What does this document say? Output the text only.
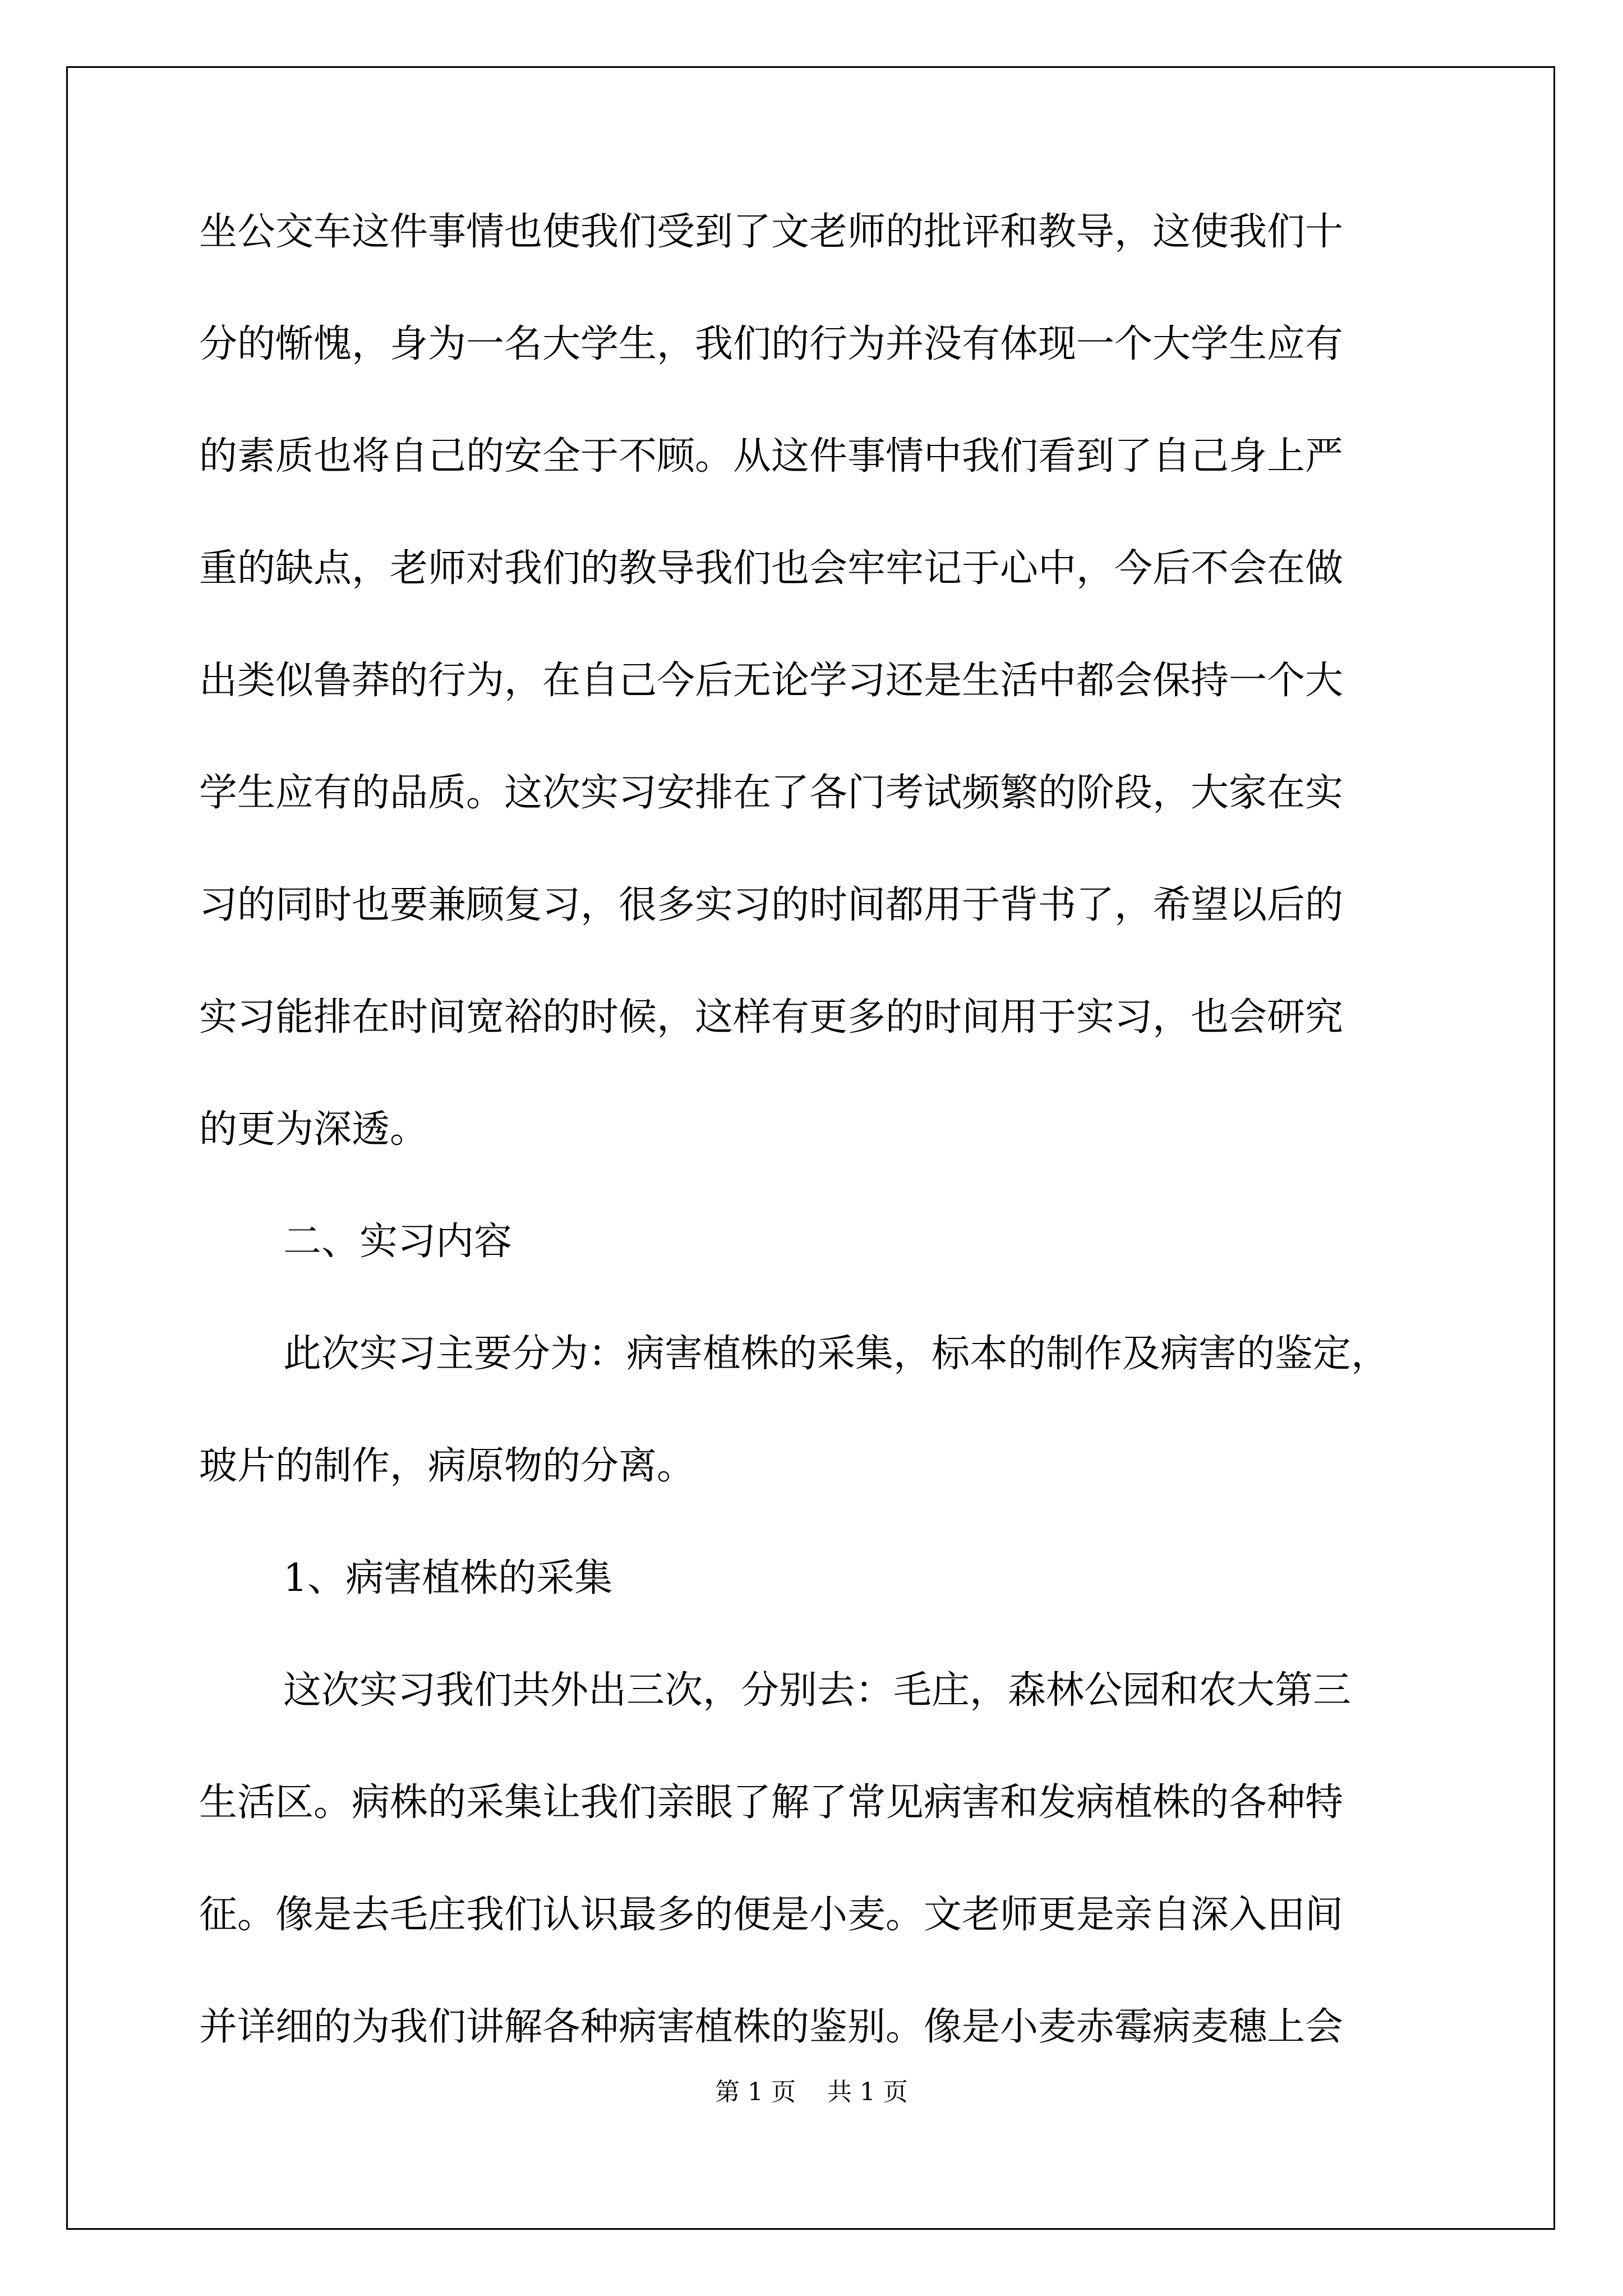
坐公交车这件事情也使我们受到了文老师的批评和教导，这使我们十
分的惭愧，身为一名大学生，我们的行为并没有体现一个大学生应有
的素质也将自己的安全于不顾。从这件事情中我们看到了自己身上严
重的缺点，老师对我们的教导我们也会牢牢记于心中，今后不会在做
出类似鲁莽的行为，在自己今后无论学习还是生活中都会保持一个大
学生应有的品质。这次实习安排在了各门考试频繁的阶段，大家在实
习的同时也要兼顾复习，很多实习的时间都用于背书了，希望以后的
实习能排在时间宽裕的时候，这样有更多的时间用于实习，也会研究
的更为深透。
二、实习内容
此次实习主要分为：病害植株的采集，标本的制作及病害的鉴定，
玻片的制作，病原物的分离。
1、病害植株的采集
这次实习我们共外出三次，分别去：毛庄，森林公园和农大第三
生活区。病株的采集让我们亲眼了解了常见病害和发病植株的各种特
征。像是去毛庄我们认识最多的便是小麦。文老师更是亲自深入田间
并详细的为我们讲解各种病害植株的鉴别。像是小麦赤霉病麦穗上会
第 1 页    共 1 页
